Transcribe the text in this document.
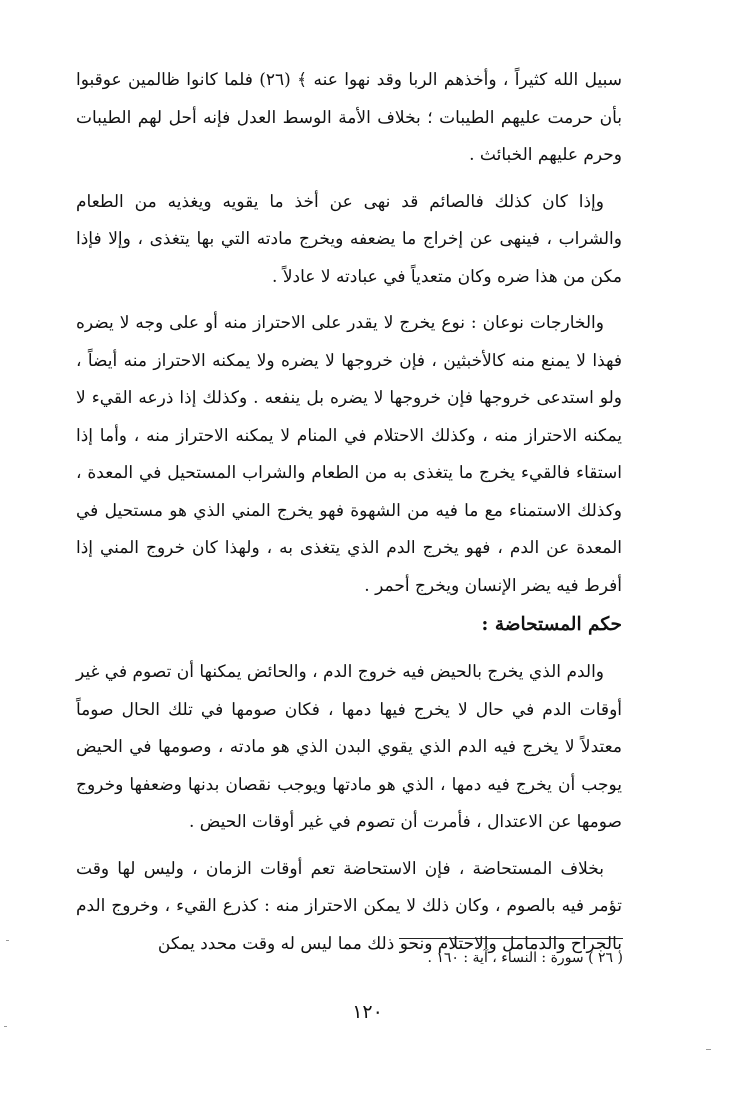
سبيل الله كثيراً ، وأخذهم الربا وقد نهوا عنه ﴾ (٢٦) فلما كانوا ظالمين عوقبوا بأن حرمت عليهم الطيبات ؛ بخلاف الأمة الوسط العدل فإنه أحل لهم الطيبات وحرم عليهم الخبائث .

وإذا كان كذلك فالصائم قد نهى عن أخذ ما يقويه ويغذيه من الطعام والشراب ، فينهى عن إخراج ما يضعفه ويخرج مادته التي بها يتغذى ، وإلا فإذا مكن من هذا ضره وكان متعدياً في عبادته لا عادلاً .

والخارجات نوعان : نوع يخرج لا يقدر على الاحتراز منه أو على وجه لا يضره فهذا لا يمنع منه كالأخبثين ، فإن خروجها لا يضره ولا يمكنه الاحتراز منه أيضاً ، ولو استدعى خروجها فإن خروجها لا يضره بل ينفعه . وكذلك إذا ذرعه القيء لا يمكنه الاحتراز منه ، وكذلك الاحتلام في المنام لا يمكنه الاحتراز منه ، وأما إذا استقاء فالقيء يخرج ما يتغذى به من الطعام والشراب المستحيل في المعدة ، وكذلك الاستمناء مع ما فيه من الشهوة فهو يخرج المني الذي هو مستحيل في المعدة عن الدم ، فهو يخرج الدم الذي يتغذى به ، ولهذا كان خروج المني إذا أفرط فيه يضر الإنسان ويخرج أحمر .

حكم المستحاضة :

والدم الذي يخرج بالحيض فيه خروج الدم ، والحائض يمكنها أن تصوم في غير أوقات الدم في حال لا يخرج فيها دمها ، فكان صومها في تلك الحال صوماً معتدلاً لا يخرج فيه الدم الذي يقوي البدن الذي هو مادته ، وصومها في الحيض يوجب أن يخرج فيه دمها ، الذي هو مادتها ويوجب نقصان بدنها وضعفها وخروج صومها عن الاعتدال ، فأمرت أن تصوم في غير أوقات الحيض .

بخلاف المستحاضة ، فإن الاستحاضة تعم أوقات الزمان ، وليس لها وقت تؤمر فيه بالصوم ، وكان ذلك لا يمكن الاحتراز منه : كذرع القيء ، وخروج الدم بالجراح والدمامل والاحتلام ونحو ذلك مما ليس له وقت محدد يمكن

( ٢٦ ) سورة : النساء ، آية : ١٦٠ .
١٢٠
